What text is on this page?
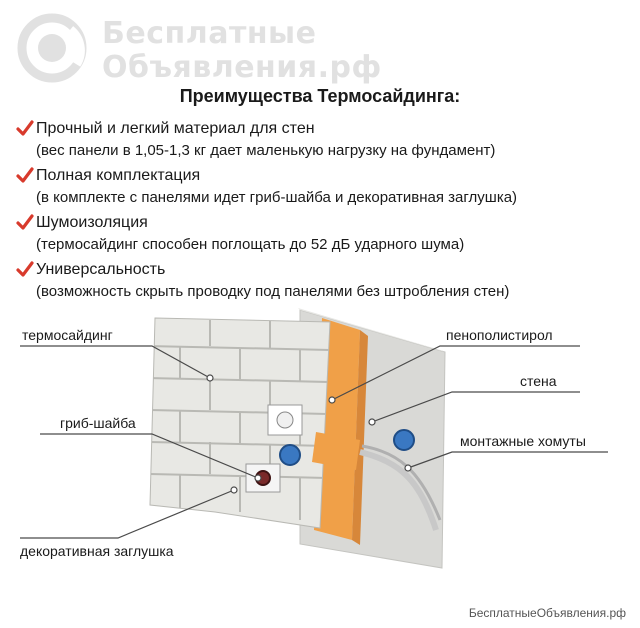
Бесплатные
Объявления.рф
Преимущества Термосайдинга:
Прочный и легкий материал для стен
(вес панели в 1,05-1,3 кг дает маленькую нагрузку на фундамент)
Полная комплектация
(в комплекте с панелями идет гриб-шайба и декоративная заглушка)
Шумоизоляция
(термосайдинг способен поглощать до 52 дБ ударного шума)
Универсальность
(возможность скрыть проводку под панелями без штробления стен)
термосайдинг	пенополистирол
стена
гриб-шайба
монтажные хомуты
декоративная заглушка
БесплатныеОбъявления.рф
